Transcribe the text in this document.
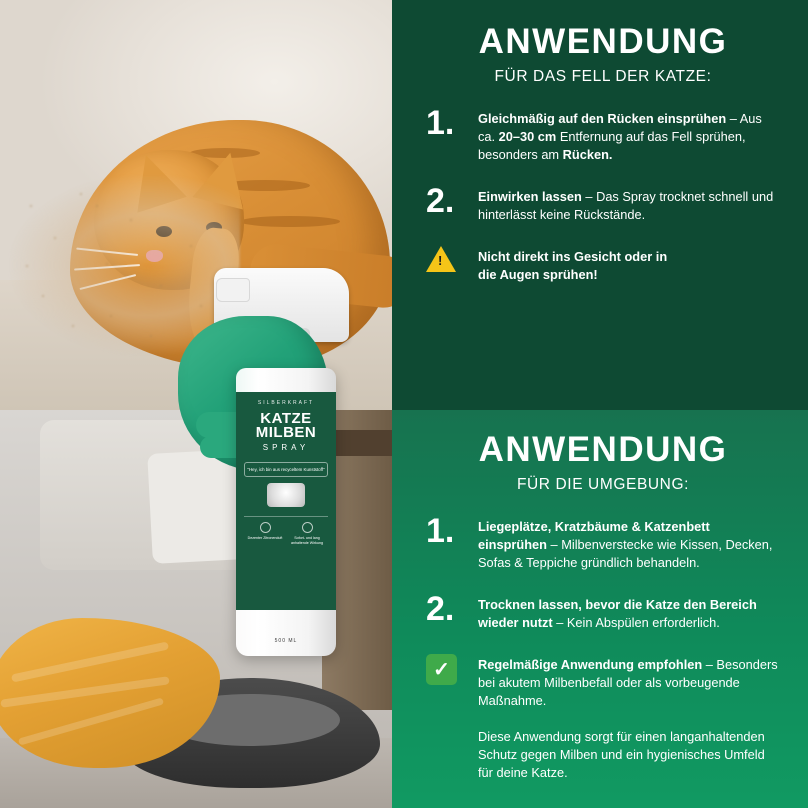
SILBERKRAFT
KATZE
MILBEN
SPRAY
"Hey, ich bin aus recyceltem Kunststoff"
Dezenter Zitronenduft	Sofort- und lang anhaltende Wirkung
500 ML
ANWENDUNG
FÜR DAS FELL DER KATZE:
1.	Gleichmäßig auf den Rücken einsprühen – Aus ca. 20–30 cm Entfernung auf das Fell sprühen, besonders am Rücken.
2.	Einwirken lassen – Das Spray trocknet schnell und hinterlässt keine Rückstände.
!
Nicht direkt ins Gesicht oder in
die Augen sprühen!
ANWENDUNG
FÜR DIE UMGEBUNG:
1.	Liegeplätze, Kratzbäume & Katzenbett einsprühen – Milbenverstecke wie Kissen, Decken, Sofas & Teppiche gründlich behandeln.
2.	Trocknen lassen, bevor die Katze den Bereich wieder nutzt – Kein Abspülen erforderlich.
✓	Regelmäßige Anwendung empfohlen – Besonders bei akutem Milbenbefall oder als vorbeugende Maßnahme.
Diese Anwendung sorgt für einen langanhaltenden Schutz gegen Milben und ein hygienisches Umfeld für deine Katze.
